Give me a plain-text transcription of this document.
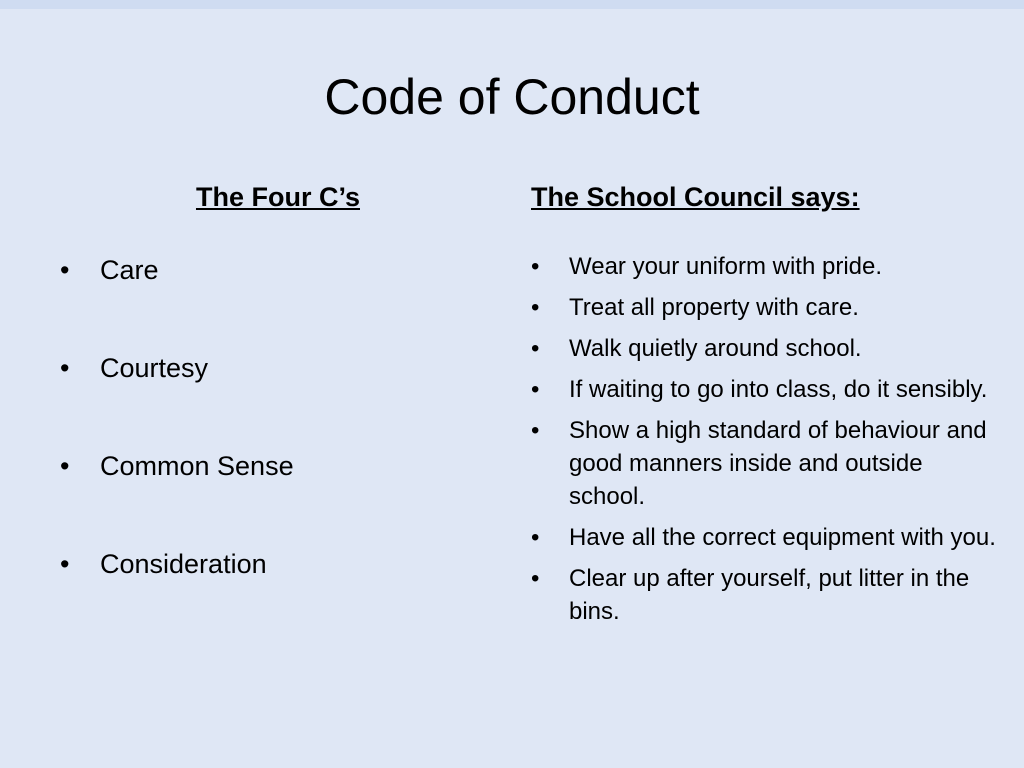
Code of Conduct
The Four C’s
• Care
• Courtesy
• Common Sense
• Consideration
The School Council says:
• Wear your uniform with pride.
• Treat all property with care.
• Walk quietly around school.
• If waiting to go into class, do it sensibly.
• Show a high standard of behaviour and good manners inside and outside school.
• Have all the correct equipment with you.
• Clear up after yourself, put litter in the bins.
